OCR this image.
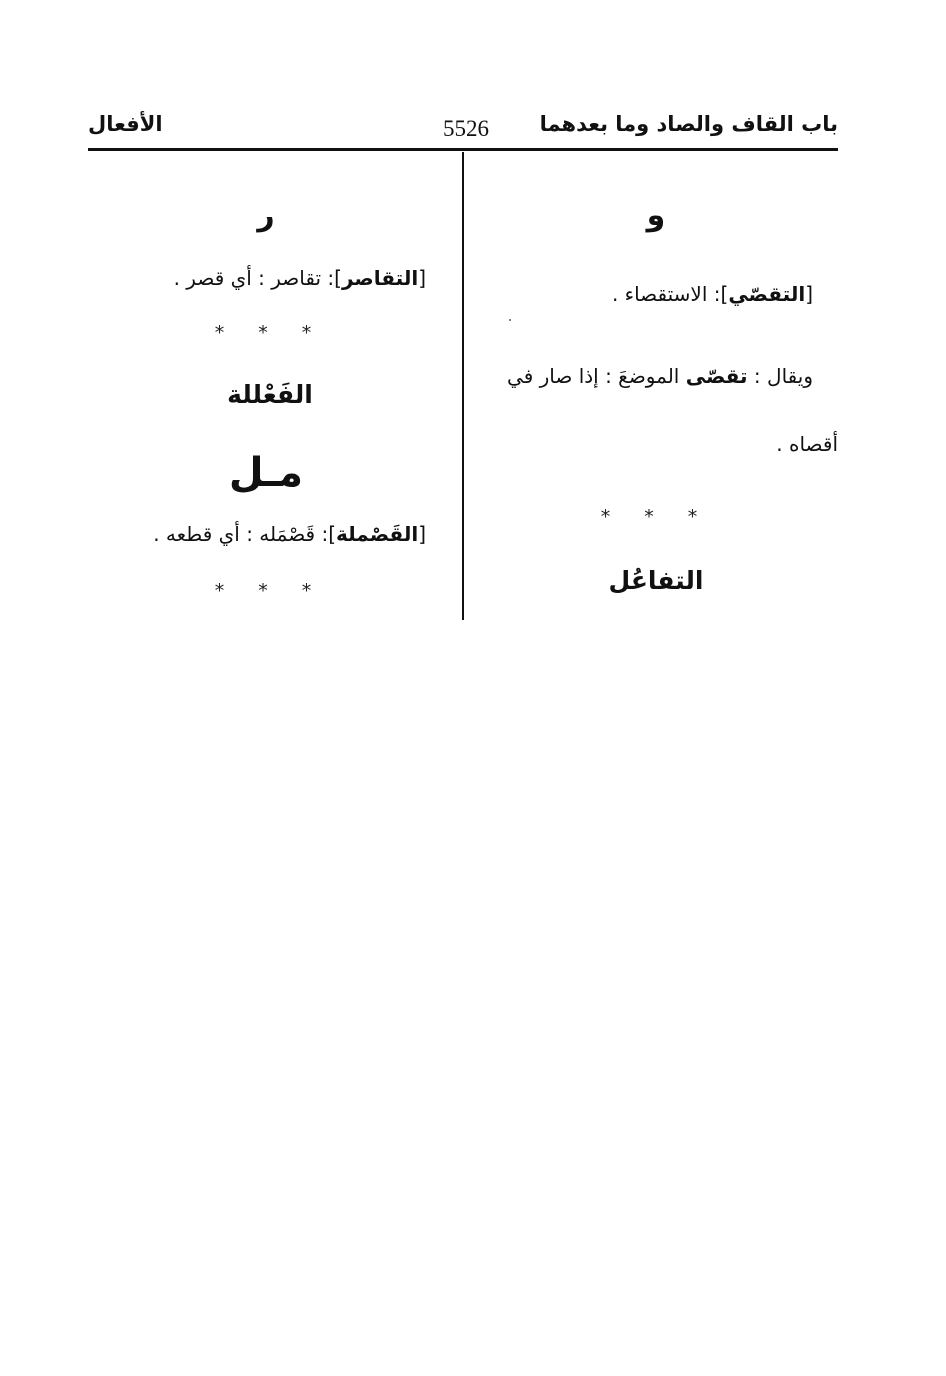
باب القاف والصاد وما بعدهما
5526
الأفعال
و
[التقصّي]: الاستقصاء .
ويقال : تقصّى الموضعَ : إذا صار في
أقصاه .
* * *
التفاعُل
ر
[التقاصر]: تقاصر : أي قصر .
* * *
الفَعْللة
مـل
[القَصْملة]: قَصْمَله : أي قطعه .
* * *
